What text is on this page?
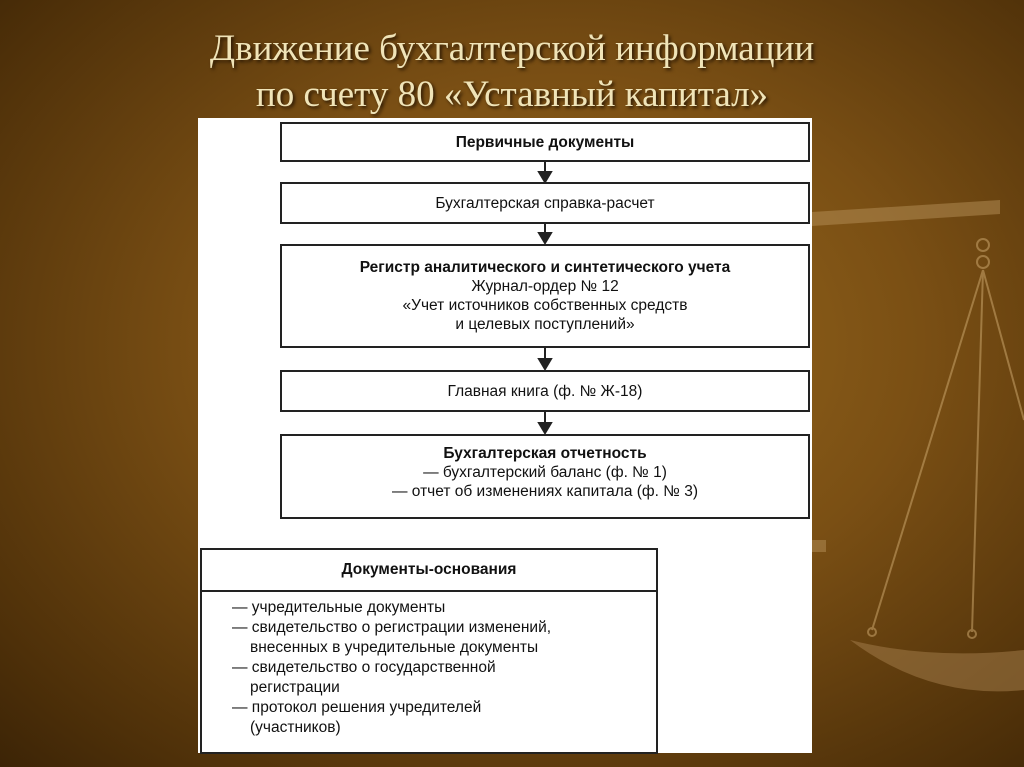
Движение бухгалтерской информации
по счету 80 «Уставный капитал»
Первичные документы
Бухгалтерская справка-расчет
Регистр аналитического и синтетического учета
Журнал-ордер № 12
«Учет источников собственных средств
и целевых поступлений»
Главная книга (ф. № Ж-18)
Бухгалтерская отчетность
— бухгалтерский баланс (ф. № 1)
— отчет об изменениях капитала (ф. № 3)
Документы-основания
— учредительные документы
— свидетельство о регистрации изменений,
внесенных в учредительные документы
— свидетельство о государственной
регистрации
— протокол решения учредителей
(участников)
